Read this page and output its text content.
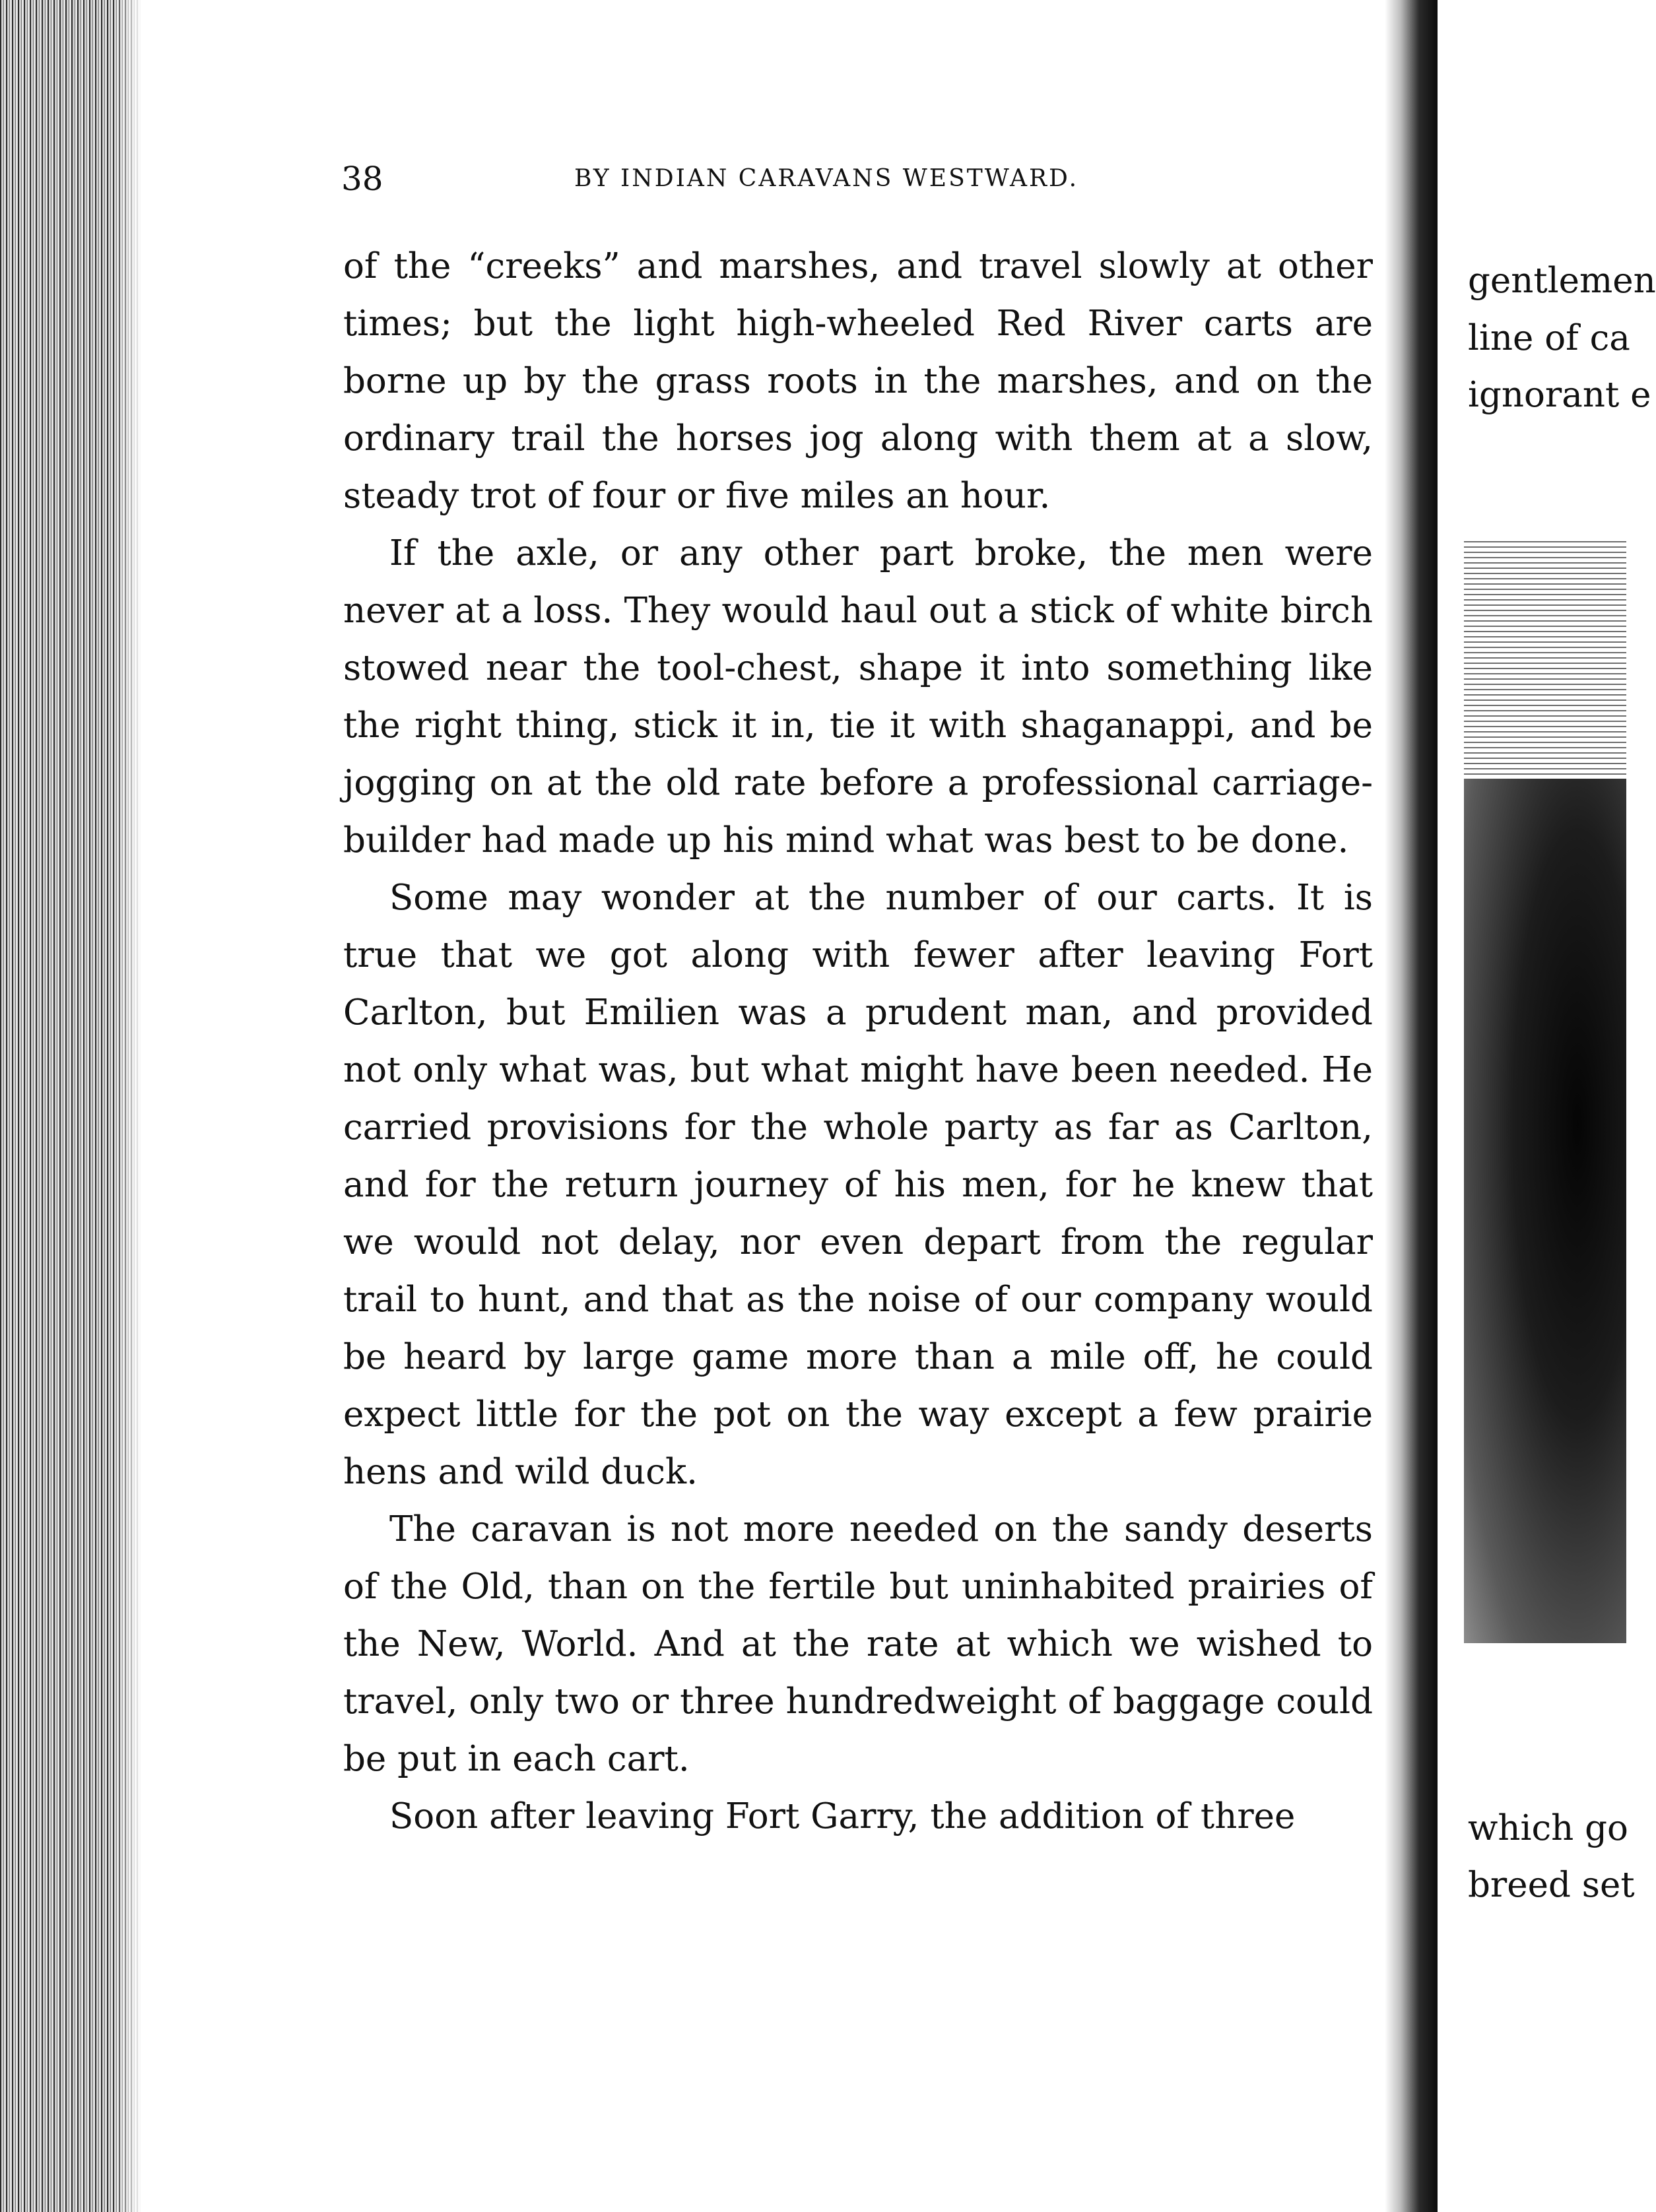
38	BY INDIAN CARAVANS WESTWARD.

of the “creeks” and marshes, and travel slowly at other times; but the light high-wheeled Red River carts are borne up by the grass roots in the marshes, and on the ordinary trail the horses jog along with them at a slow, steady trot of four or five miles an hour.

If the axle, or any other part broke, the men were never at a loss. They would haul out a stick of white birch stowed near the tool-chest, shape it into something like the right thing, stick it in, tie it with shaganappi, and be jogging on at the old rate before a professional carriage-builder had made up his mind what was best to be done.

Some may wonder at the number of our carts. It is true that we got along with fewer after leaving Fort Carlton, but Emilien was a prudent man, and provided not only what was, but what might have been needed. He carried provisions for the whole party as far as Carlton, and for the return journey of his men, for he knew that we would not delay, nor even depart from the regular trail to hunt, and that as the noise of our company would be heard by large game more than a mile off, he could expect little for the pot on the way except a few prairie hens and wild duck.

The caravan is not more needed on the sandy deserts of the Old, than on the fertile but uninhabited prairies of the New, World. And at the rate at which we wished to travel, only two or three hundredweight of baggage could be put in each cart.

Soon after leaving Fort Garry, the addition of three

gentlemen
line of ca
ignorant e
which go
breed set
